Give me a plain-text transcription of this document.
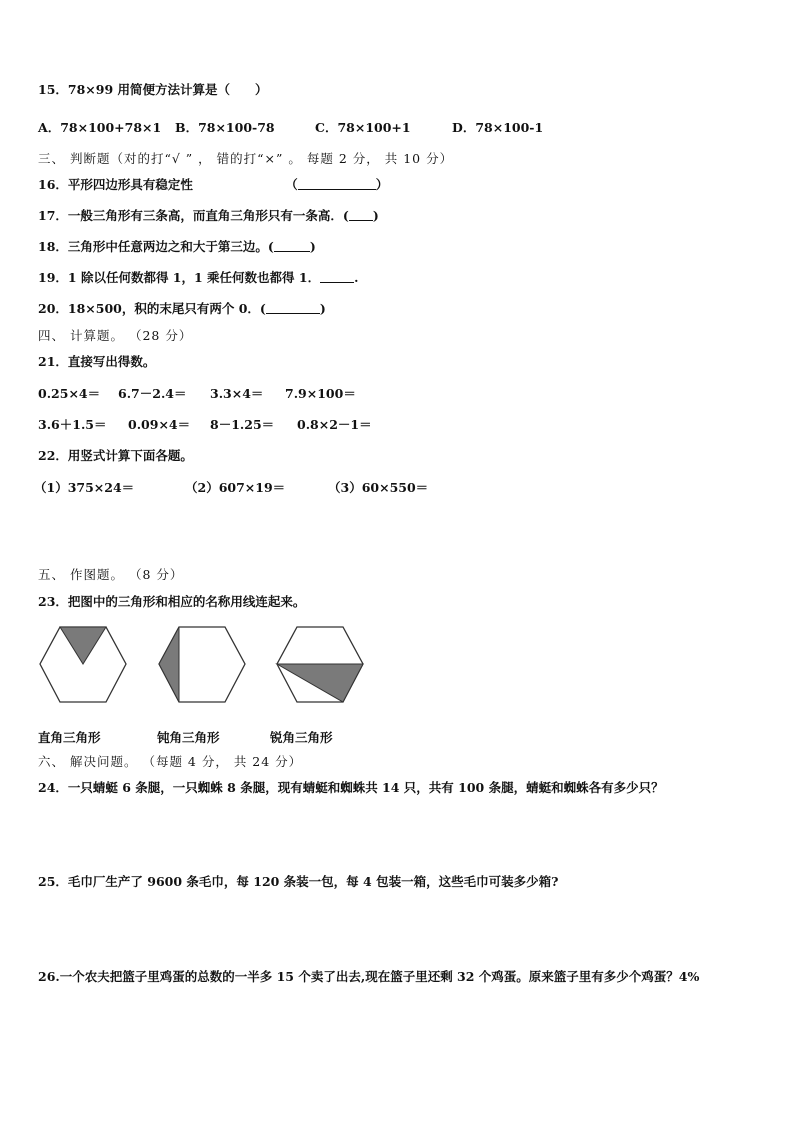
15．78×99 用简便方法计算是（　　）
A．78×100+78×1 B．78×100-78	C．78×100+1	D．78×100-1
三、 判断题（对的打“√ ” ， 错的打“×” 。 每题 2 分， 共 10 分）
16．平形四边形具有稳定性	（	）
17．一般三角形有三条高，而直角三角形只有一条高．( )
18．三角形中任意两边之和大于第三边。(	)
19．1 除以任何数都得 1，1 乘任何数也都得 1．	.
20．18×500，积的末尾只有两个 0．(	)
四、 计算题。 （28 分）
21．直接写出得数。
0.25×4＝ 6.7－2.4＝ 3.3×4＝ 7.9×100＝
3.6＋1.5＝ 0.09×4＝ 8－1.25＝ 0.8×2－1＝
22．用竖式计算下面各题。
（1）375×24＝	（2）607×19＝	（3）60×550＝
五、 作图题。 （8 分）
23．把图中的三角形和相应的名称用线连起来。
直角三角形	钝角三角形	锐角三角形
六、 解决问题。 （每题 4 分， 共 24 分）
24．一只蜻蜓 6 条腿，一只蜘蛛 8 条腿，现有蜻蜓和蜘蛛共 14 只，共有 100 条腿，蜻蜓和蜘蛛各有多少只？
25．毛巾厂生产了 9600 条毛巾，每 120 条装一包，每 4 包装一箱，这些毛巾可装多少箱?
26.一个农夫把篮子里鸡蛋的总数的一半多 15 个卖了出去,现在篮子里还剩 32 个鸡蛋。原来篮子里有多少个鸡蛋？4%
